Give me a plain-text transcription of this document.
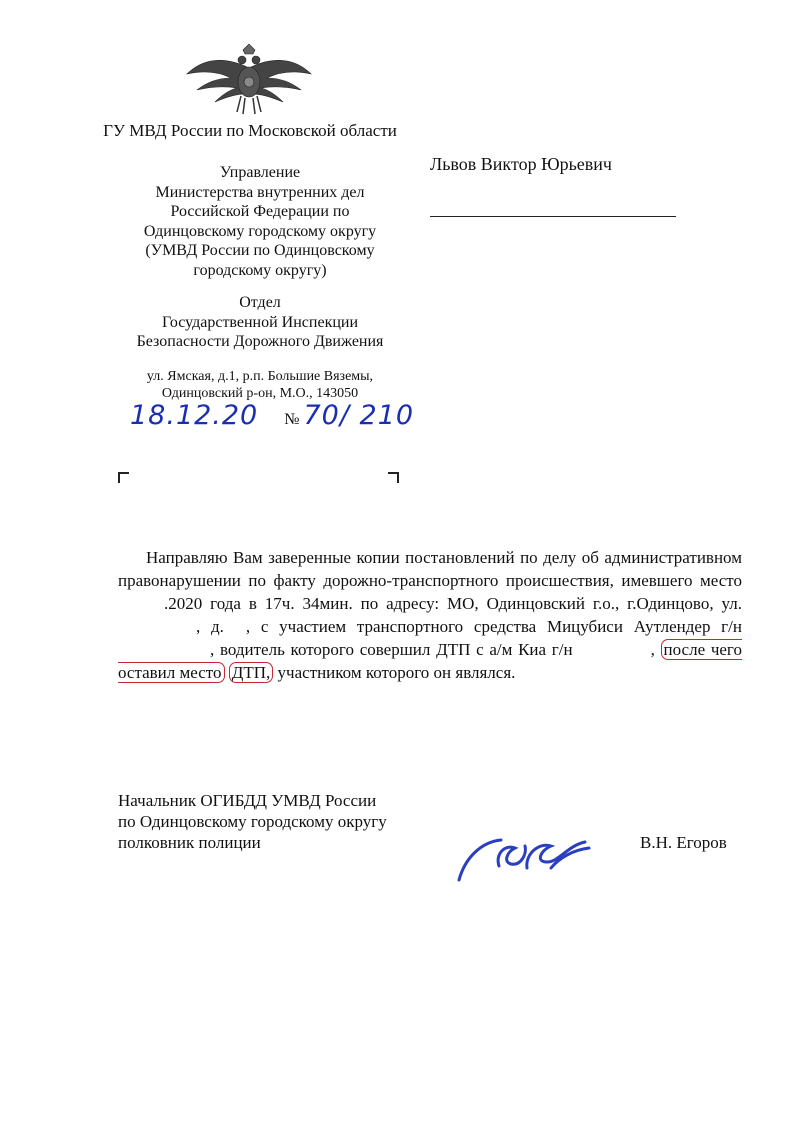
ГУ МВД России по Московской области
Управление
Министерства внутренних дел
Российской Федерации по
Одинцовскому городскому округу
(УМВД России по Одинцовскому
городскому округу)
Отдел
Государственной Инспекции
Безопасности Дорожного Движения
ул. Ямская, д.1, р.п. Большие Вяземы,
Одинцовский р-он, М.О., 143050
18.12.20 № 70/ 210
Львов Виктор Юрьевич

Направляю Вам заверенные копии постановлений по делу об административном правонарушении по факту дорожно-транспортного происшествия, имевшего место.2020 года в 17ч. 34мин. по адресу: МО, Одинцовский г.о., г.Одинцово, ул., д. , с участием транспортного средства Мицубиси Аутлендер г/н, водитель которого совершил ДТП с а/м Киа г/н	, после чего оставил место ДТП, участником которого он являлся.

Начальник ОГИБДД УМВД России
по Одинцовскому городскому округу
полковник полиции	В.Н. Егоров
